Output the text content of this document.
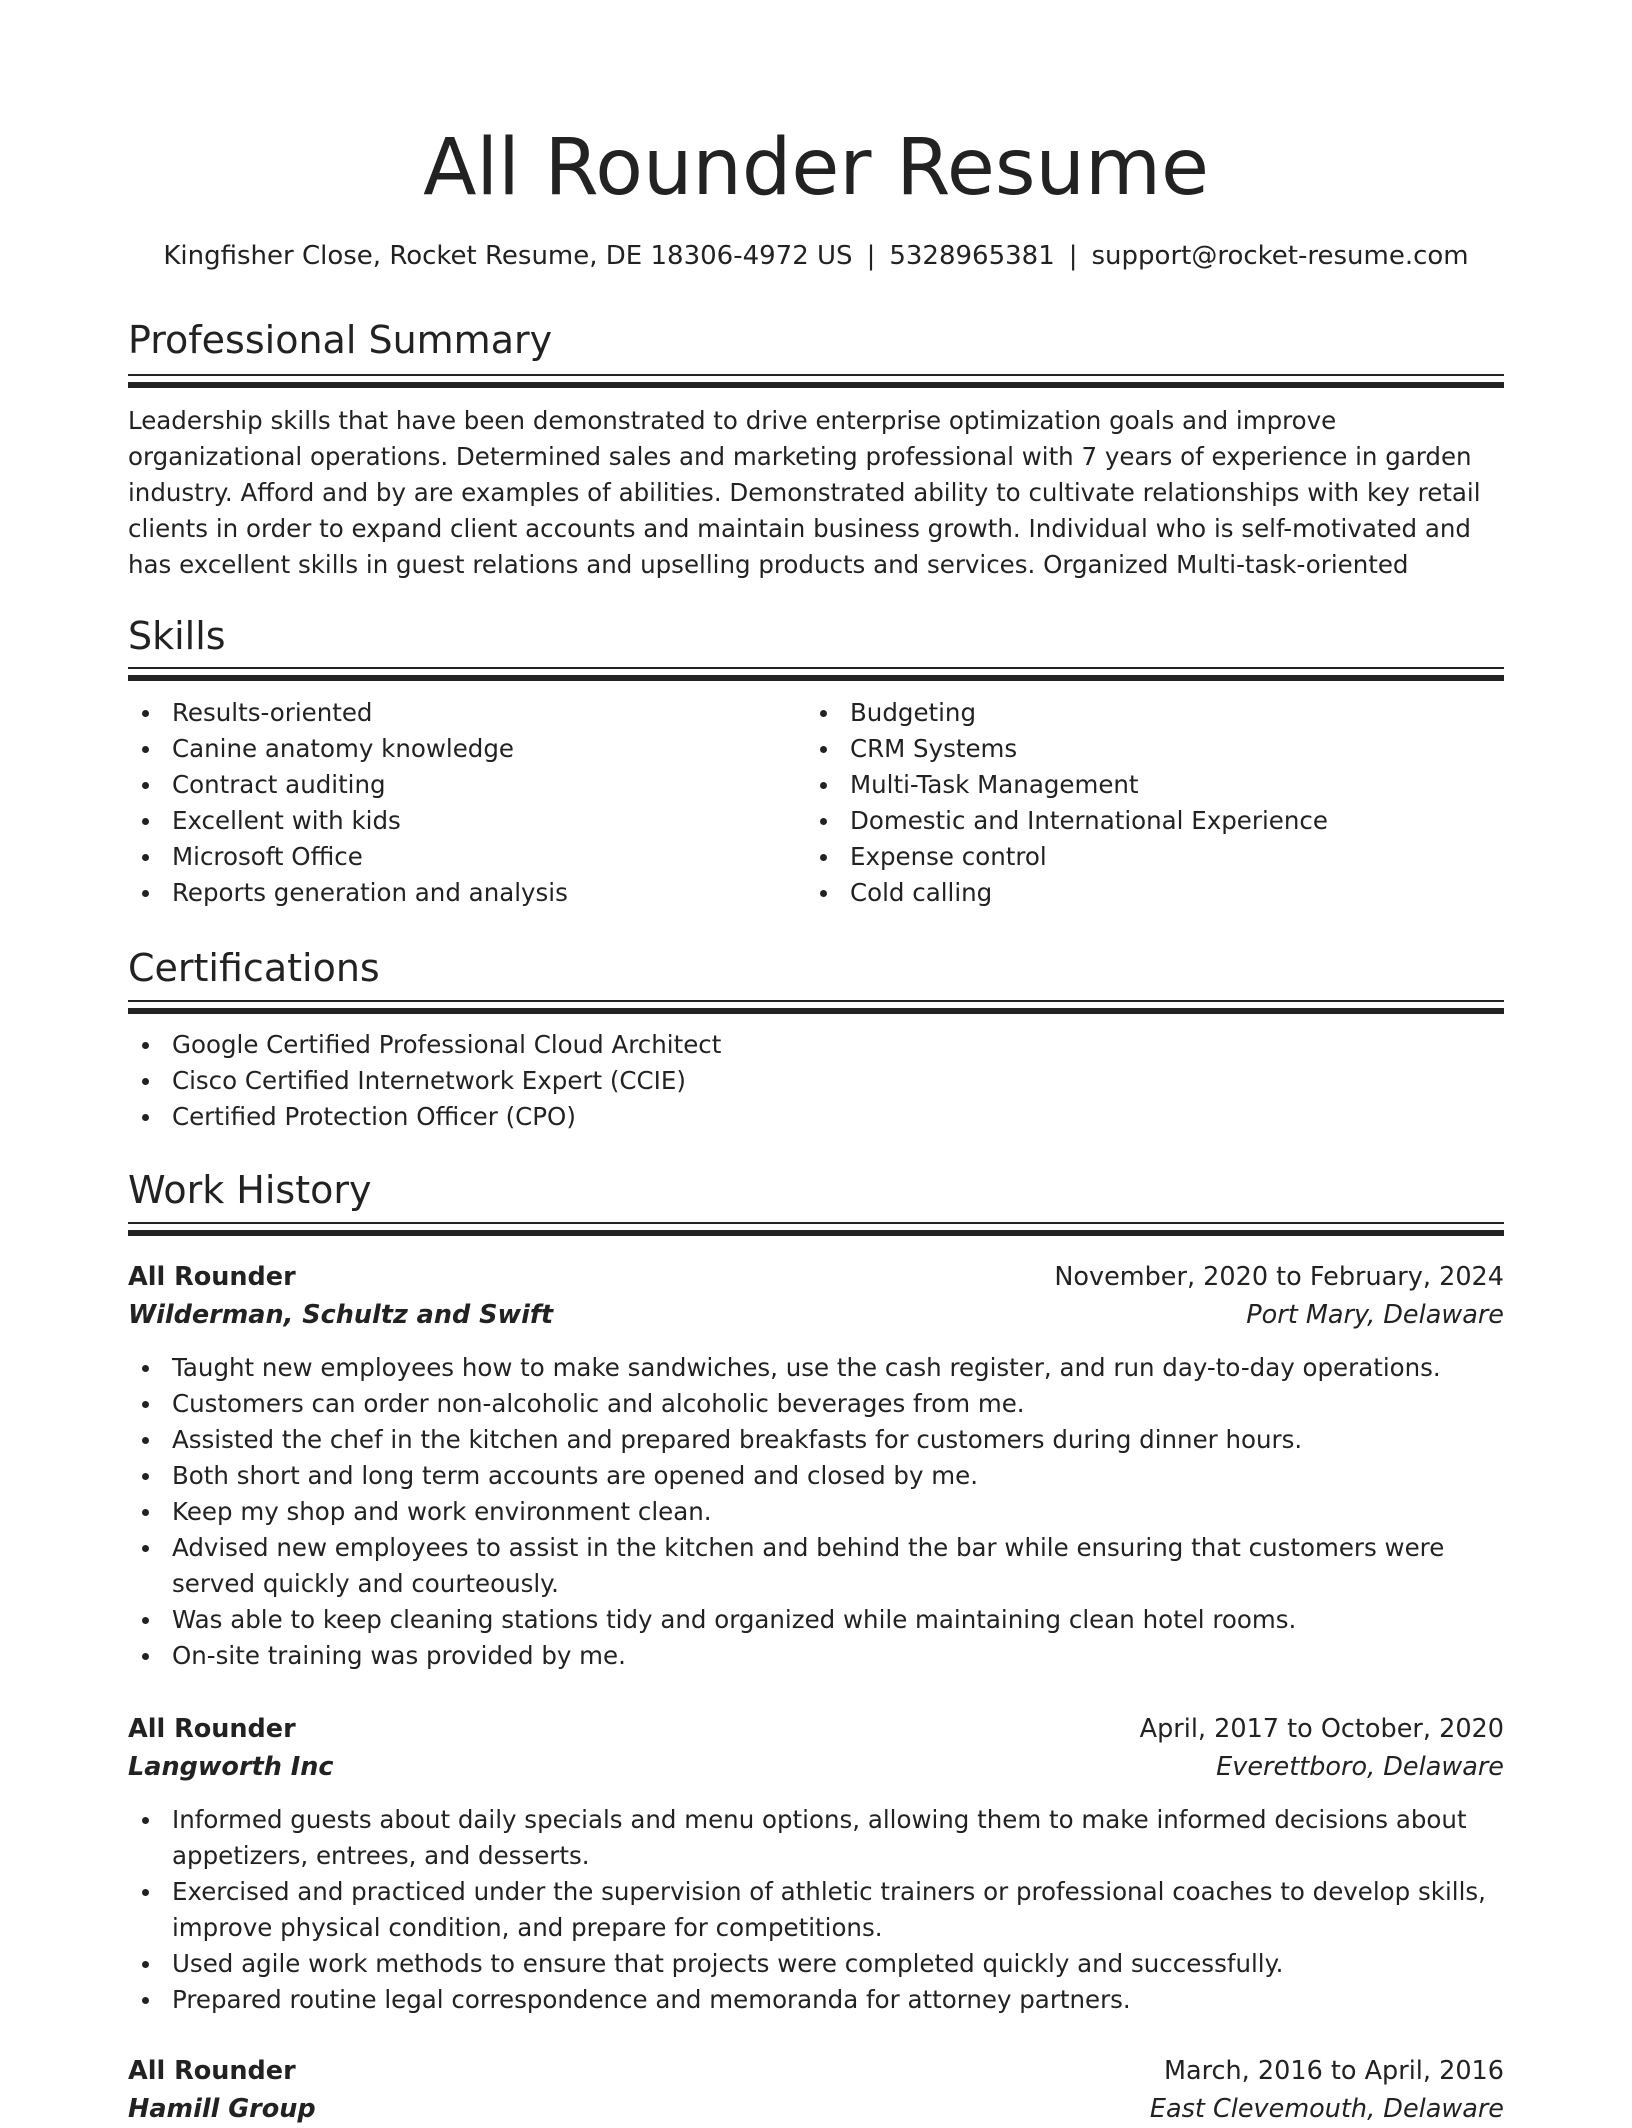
All Rounder Resume
Kingfisher Close, Rocket Resume, DE 18306-4972 US | 5328965381 | support@rocket-resume.com
Professional Summary

Leadership skills that have been demonstrated to drive enterprise optimization goals and improve organizational operations. Determined sales and marketing professional with 7 years of experience in garden industry. Afford and by are examples of abilities. Demonstrated ability to cultivate relationships with key retail clients in order to expand client accounts and maintain business growth. Individual who is self-motivated and has excellent skills in guest relations and upselling products and services. Organized Multi-task-oriented

Skills
Results-oriented
Canine anatomy knowledge
Contract auditing
Excellent with kids
Microsoft Office
Reports generation and analysis
Budgeting
CRM Systems
Multi-Task Management
Domestic and International Experience
Expense control
Cold calling
Certifications
Google Certified Professional Cloud Architect
Cisco Certified Internetwork Expert (CCIE)
Certified Protection Officer (CPO)
Work History
All Rounder	November, 2020 to February, 2024
Wilderman, Schultz and Swift	Port Mary, Delaware
Taught new employees how to make sandwiches, use the cash register, and run day-to-day operations.
Customers can order non-alcoholic and alcoholic beverages from me.
Assisted the chef in the kitchen and prepared breakfasts for customers during dinner hours.
Both short and long term accounts are opened and closed by me.
Keep my shop and work environment clean.
Advised new employees to assist in the kitchen and behind the bar while ensuring that customers were served quickly and courteously.
Was able to keep cleaning stations tidy and organized while maintaining clean hotel rooms.
On-site training was provided by me.
All Rounder	April, 2017 to October, 2020
Langworth Inc	Everettboro, Delaware
Informed guests about daily specials and menu options, allowing them to make informed decisions about appetizers, entrees, and desserts.
Exercised and practiced under the supervision of athletic trainers or professional coaches to develop skills, improve physical condition, and prepare for competitions.
Used agile work methods to ensure that projects were completed quickly and successfully.
Prepared routine legal correspondence and memoranda for attorney partners.
All Rounder	March, 2016 to April, 2016
Hamill Group	East Clevemouth, Delaware
